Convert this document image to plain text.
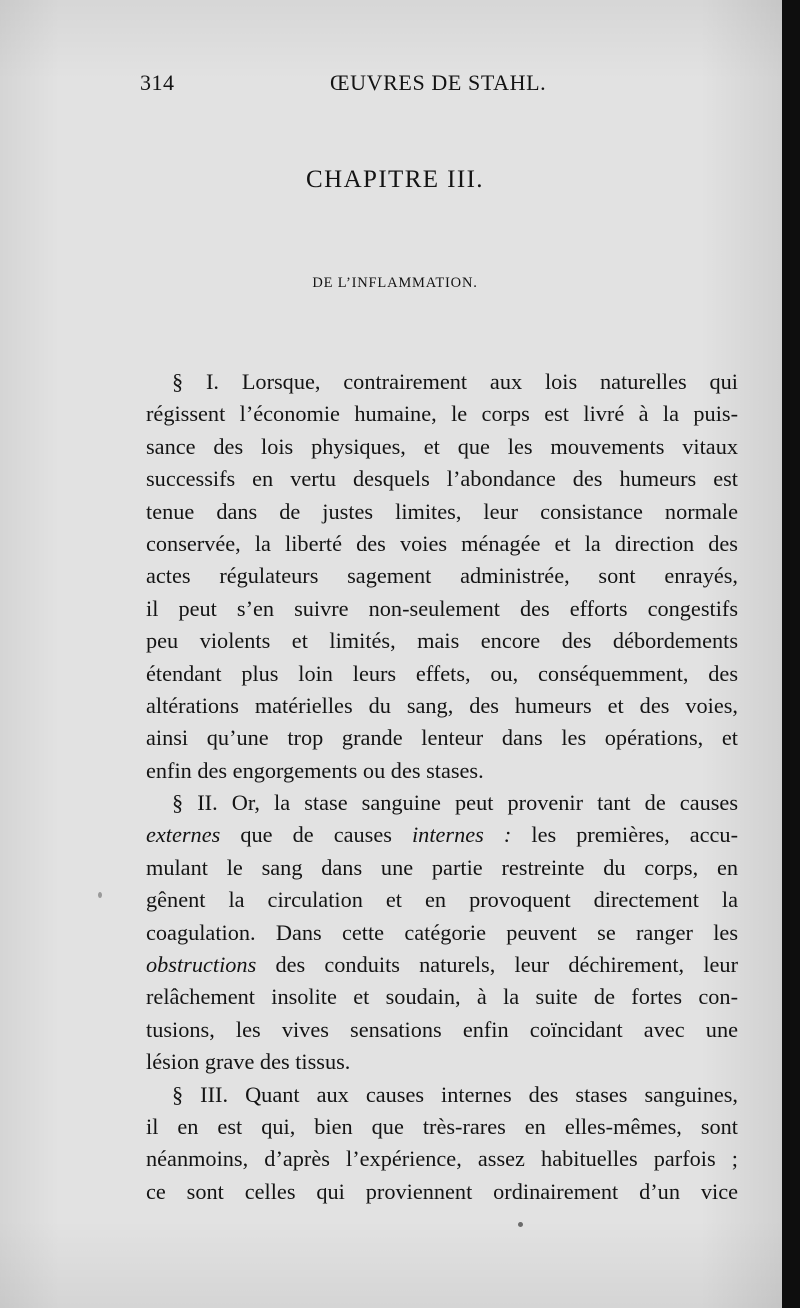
314	ŒUVRES DE STAHL.
CHAPITRE III.
DE L’INFLAMMATION.
§ I. Lorsque, contrairement aux lois naturelles qui
régissent l’économie humaine, le corps est livré à la puis-
sance des lois physiques, et que les mouvements vitaux
successifs en vertu desquels l’abondance des humeurs est
tenue dans de justes limites, leur consistance normale
conservée, la liberté des voies ménagée et la direction des
actes régulateurs sagement administrée, sont enrayés,
il peut s’en suivre non-seulement des efforts congestifs
peu violents et limités, mais encore des débordements
étendant plus loin leurs effets, ou, conséquemment, des
altérations matérielles du sang, des humeurs et des voies,
ainsi qu’une trop grande lenteur dans les opérations, et
enfin des engorgements ou des stases.
§ II. Or, la stase sanguine peut provenir tant de causes
externes que de causes internes : les premières, accu-
mulant le sang dans une partie restreinte du corps, en
gênent la circulation et en provoquent directement la
coagulation. Dans cette catégorie peuvent se ranger les
obstructions des conduits naturels, leur déchirement, leur
relâchement insolite et soudain, à la suite de fortes con-
tusions, les vives sensations enfin coïncidant avec une
lésion grave des tissus.
§ III. Quant aux causes internes des stases sanguines,
il en est qui, bien que très-rares en elles-mêmes, sont
néanmoins, d’après l’expérience, assez habituelles parfois ;
ce sont celles qui proviennent ordinairement d’un vice
